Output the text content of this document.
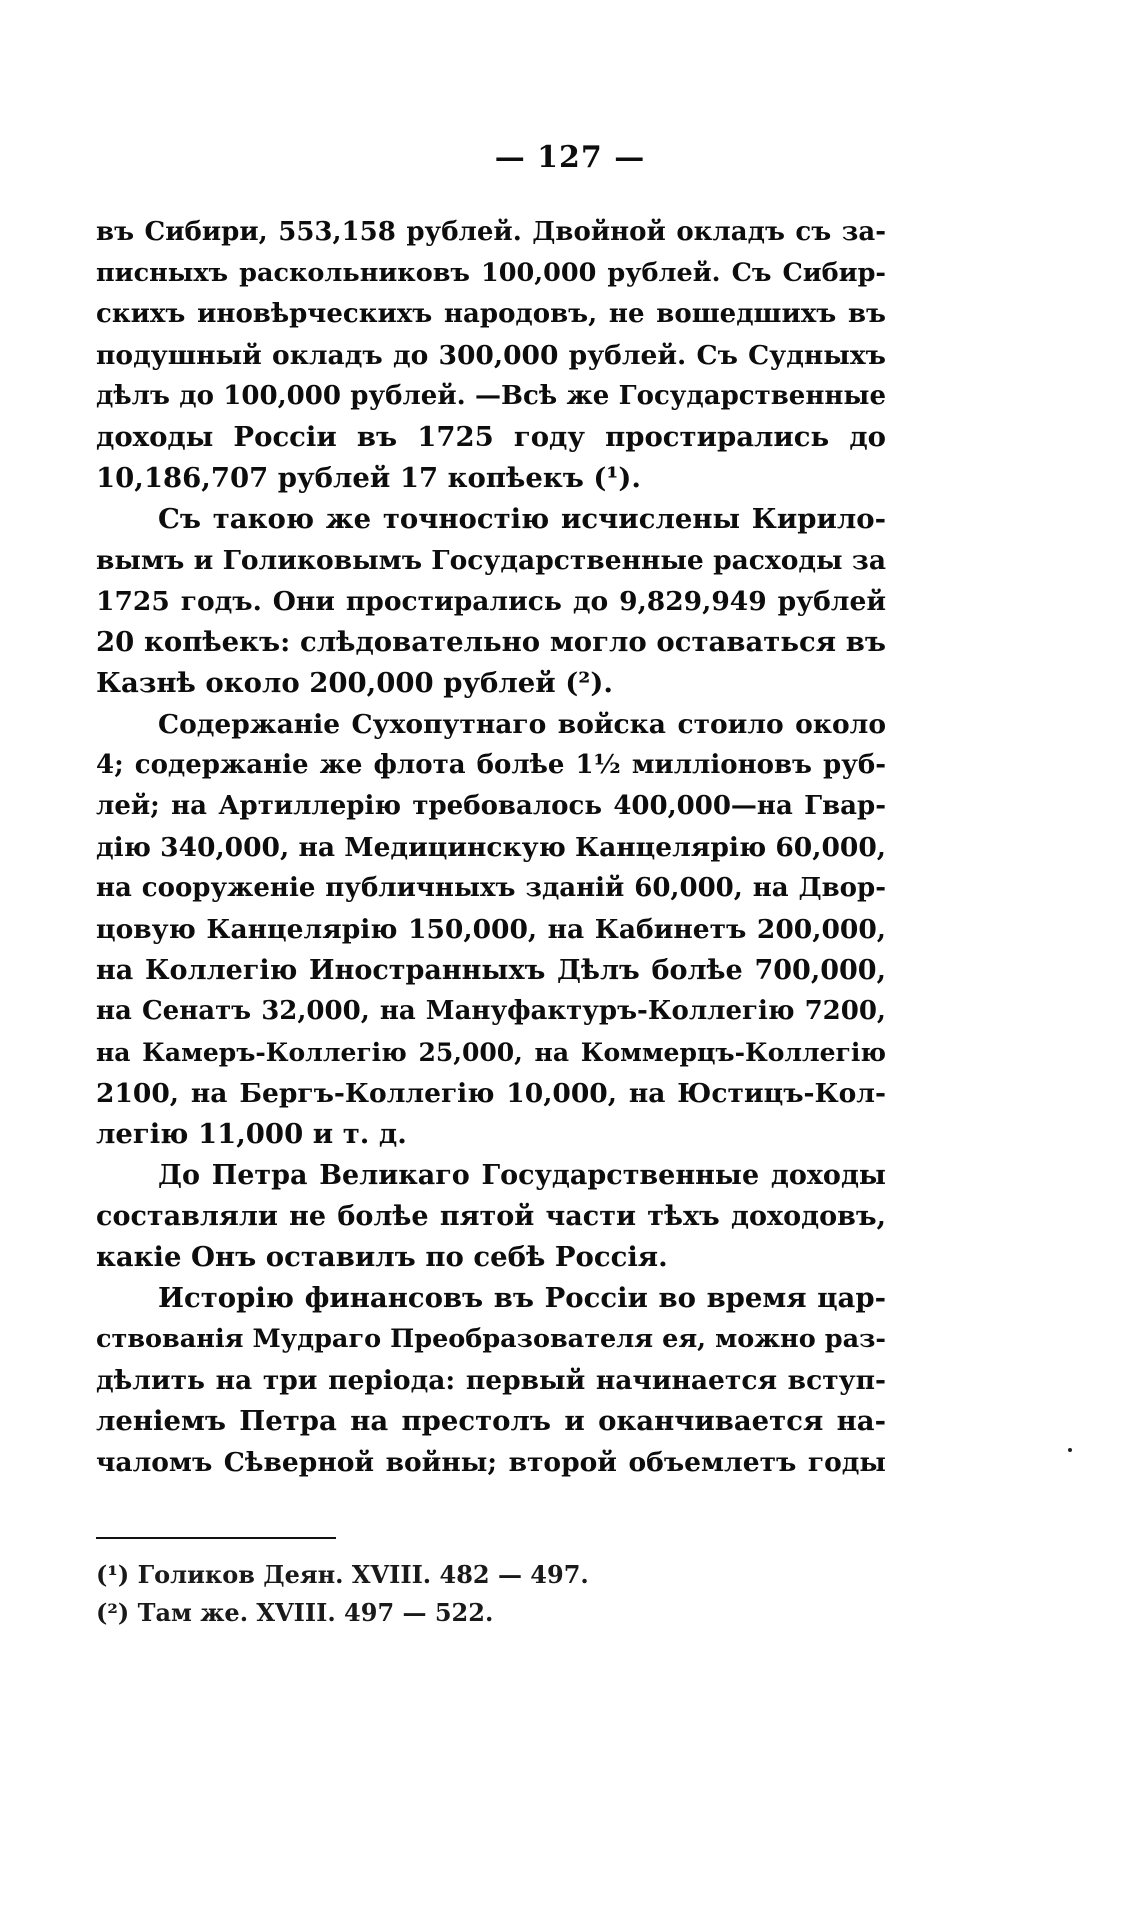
— 127 —
въ Сибири, 553,158 рублей. Двойной окладъ съ за-
писныхъ раскольниковъ 100,000 рублей. Съ Сибир-
скихъ иновѣрческихъ народовъ, не вошедшихъ въ
подушный окладъ до 300,000 рублей. Съ Судныхъ
дѣлъ до 100,000 рублей. —Всѣ же Государственные
доходы Россіи въ 1725 году простирались до
10,186,707 рублей 17 копѣекъ (¹).
Съ такою же точностію исчислены Кирило-
вымъ и Голиковымъ Государственные расходы за
1725 годъ. Они простирались до 9,829,949 рублей
20 копѣекъ: слѣдовательно могло оставаться въ
Казнѣ около 200,000 рублей (²).
Содержаніе Сухопутнаго войска стоило около
4; содержаніе же флота болѣе 1½ милліоновъ руб-
лей; на Артиллерію требовалось 400,000—на Гвар-
дію 340,000, на Медицинскую Канцелярію 60,000,
на сооруженіе публичныхъ зданій 60,000, на Двор-
цовую Канцелярію 150,000, на Кабинетъ 200,000,
на Коллегію Иностранныхъ Дѣлъ болѣе 700,000,
на Сенатъ 32,000, на Мануфактуръ-Коллегію 7200,
на Камеръ-Коллегію 25,000, на Коммерцъ-Коллегію
2100, на Бергъ-Коллегію 10,000, на Юстицъ-Кол-
легію 11,000 и т. д.
До Петра Великаго Государственные доходы
составляли не болѣе пятой части тѣхъ доходовъ,
какіе Онъ оставилъ по себѣ Россія.
Исторію финансовъ въ Россіи во время цар-
ствованія Мудраго Преобразователя ея, можно раз-
дѣлить на три періода: первый начинается вступ-
леніемъ Петра на престолъ и оканчивается на-
чаломъ Сѣверной войны; второй объемлетъ годы
(¹) Голиков Деян. XVIII. 482 — 497.
(²) Там же. XVIII. 497 — 522.
